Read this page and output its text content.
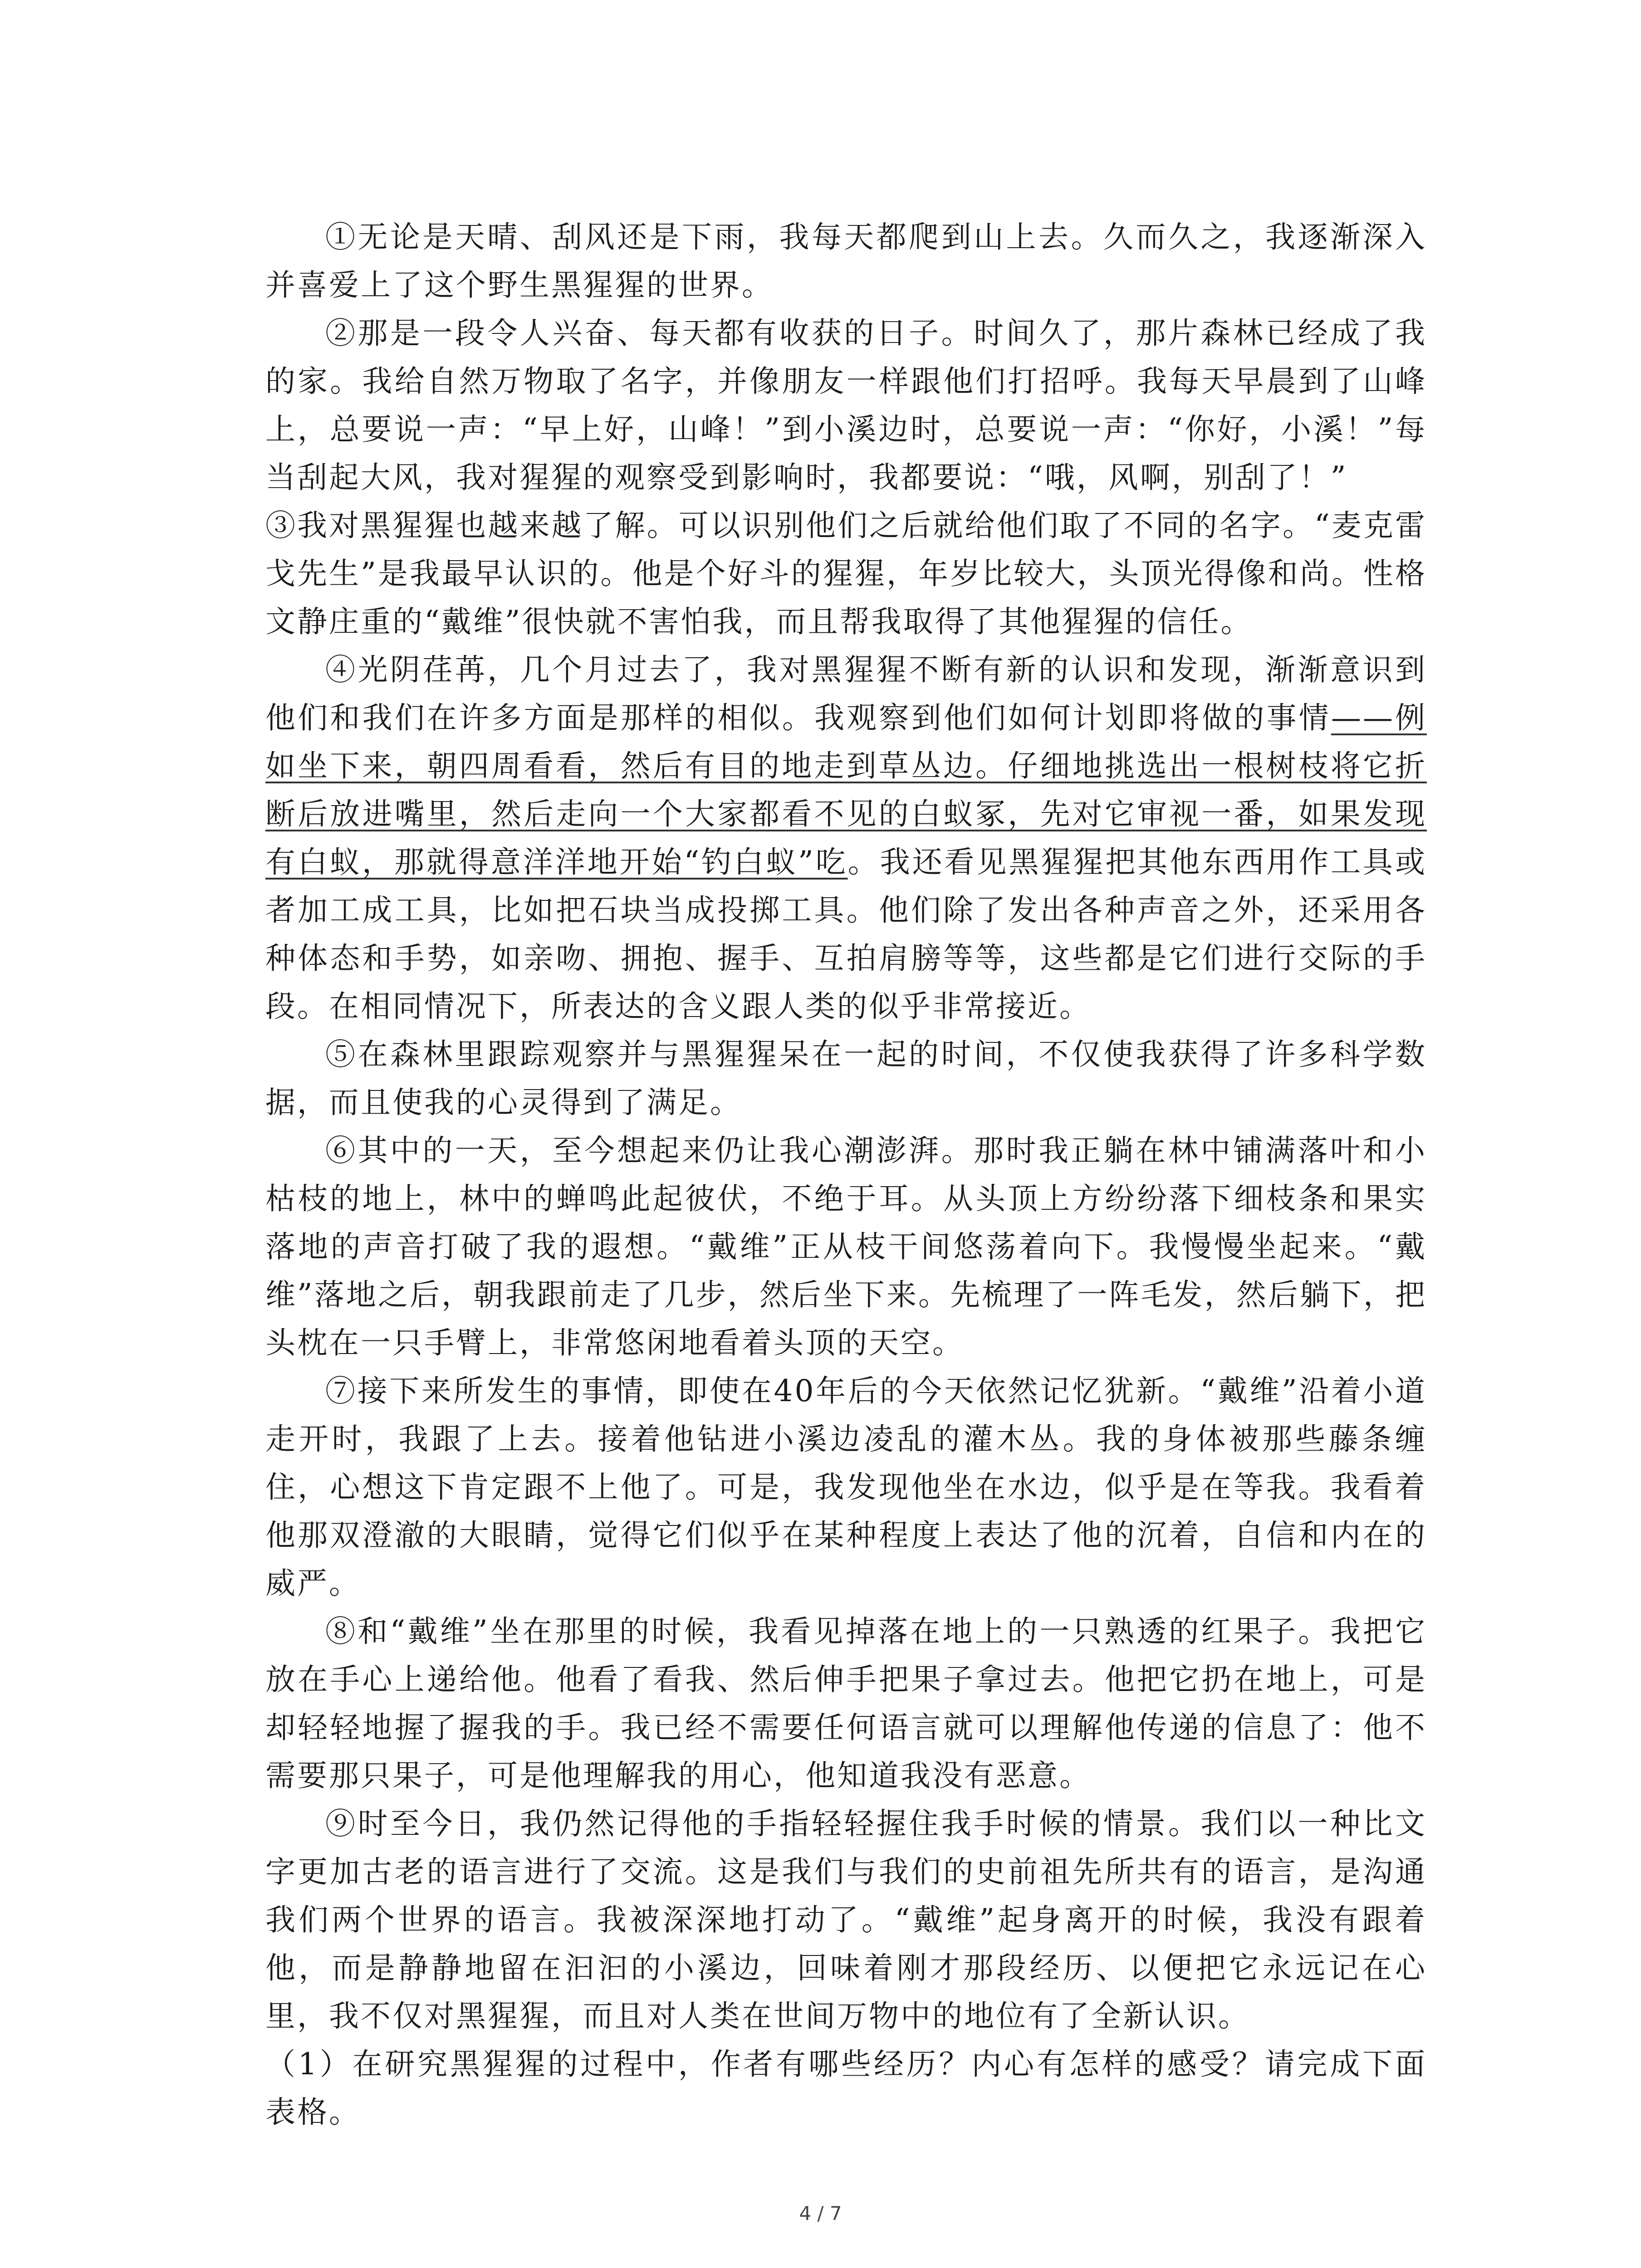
①无论是天晴、刮风还是下雨，我每天都爬到山上去。久而久之，我逐渐深入并喜爱上了这个野生黑猩猩的世界。

②那是一段令人兴奋、每天都有收获的日子。时间久了，那片森林已经成了我的家。我给自然万物取了名字，并像朋友一样跟他们打招呼。我每天早晨到了山峰上，总要说一声：“早上好，山峰！”到小溪边时，总要说一声：“你好，小溪！”每当刮起大风，我对猩猩的观察受到影响时，我都要说：“哦，风啊，别刮了！”

③我对黑猩猩也越来越了解。可以识别他们之后就给他们取了不同的名字。“麦克雷戈先生”是我最早认识的。他是个好斗的猩猩，年岁比较大，头顶光得像和尚。性格文静庄重的“戴维”很快就不害怕我，而且帮我取得了其他猩猩的信任。

④光阴荏苒，几个月过去了，我对黑猩猩不断有新的认识和发现，渐渐意识到他们和我们在许多方面是那样的相似。我观察到他们如何计划即将做的事情——例如坐下来，朝四周看看，然后有目的地走到草丛边。仔细地挑选出一根树枝将它折断后放进嘴里，然后走向一个大家都看不见的白蚁冢，先对它审视一番，如果发现有白蚁，那就得意洋洋地开始“钓白蚁”吃。我还看见黑猩猩把其他东西用作工具或者加工成工具，比如把石块当成投掷工具。他们除了发出各种声音之外，还采用各种体态和手势，如亲吻、拥抱、握手、互拍肩膀等等，这些都是它们进行交际的手段。在相同情况下，所表达的含义跟人类的似乎非常接近。

⑤在森林里跟踪观察并与黑猩猩呆在一起的时间，不仅使我获得了许多科学数据，而且使我的心灵得到了满足。

⑥其中的一天，至今想起来仍让我心潮澎湃。那时我正躺在林中铺满落叶和小枯枝的地上，林中的蝉鸣此起彼伏，不绝于耳。从头顶上方纷纷落下细枝条和果实落地的声音打破了我的遐想。“戴维”正从枝干间悠荡着向下。我慢慢坐起来。“戴维”落地之后，朝我跟前走了几步，然后坐下来。先梳理了一阵毛发，然后躺下，把头枕在一只手臂上，非常悠闲地看着头顶的天空。

⑦接下来所发生的事情，即使在40年后的今天依然记忆犹新。“戴维”沿着小道走开时，我跟了上去。接着他钻进小溪边凌乱的灌木丛。我的身体被那些藤条缠住，心想这下肯定跟不上他了。可是，我发现他坐在水边，似乎是在等我。我看着他那双澄澈的大眼睛，觉得它们似乎在某种程度上表达了他的沉着，自信和内在的威严。

⑧和“戴维”坐在那里的时候，我看见掉落在地上的一只熟透的红果子。我把它放在手心上递给他。他看了看我、然后伸手把果子拿过去。他把它扔在地上，可是却轻轻地握了握我的手。我已经不需要任何语言就可以理解他传递的信息了：他不需要那只果子，可是他理解我的用心，他知道我没有恶意。

⑨时至今日，我仍然记得他的手指轻轻握住我手时候的情景。我们以一种比文字更加古老的语言进行了交流。这是我们与我们的史前祖先所共有的语言，是沟通我们两个世界的语言。我被深深地打动了。“戴维”起身离开的时候，我没有跟着他，而是静静地留在汩汩的小溪边，回味着刚才那段经历、以便把它永远记在心里，我不仅对黑猩猩，而且对人类在世间万物中的地位有了全新认识。

（1）在研究黑猩猩的过程中，作者有哪些经历？内心有怎样的感受？请完成下面表格。

4 / 7
